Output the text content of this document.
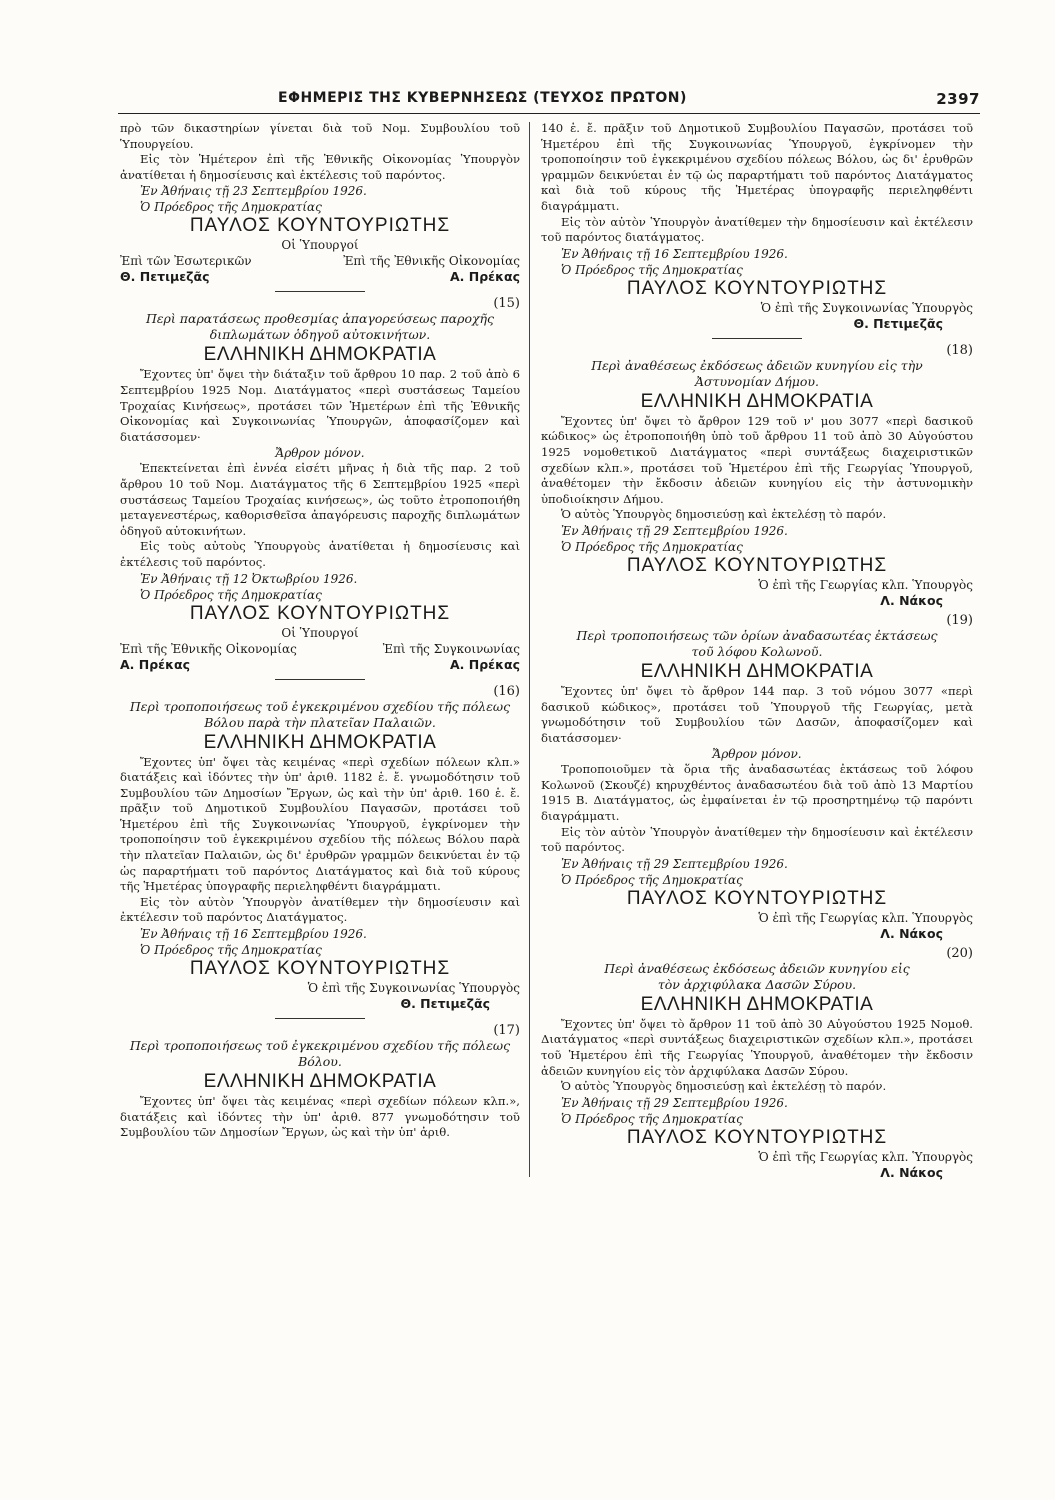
ΕΦΗΜΕΡΙΣ ΤΗΣ ΚΥΒΕΡΝΗΣΕΩΣ (ΤΕΥΧΟΣ ΠΡΩΤΟΝ)	2397

πρὸ τῶν δικαστηρίων γίνεται διὰ τοῦ Νομ. Συμβουλίου τοῦ Ὑπουργείου.

Εἰς τὸν Ἡμέτερον ἐπὶ τῆς Ἐθνικῆς Οἰκονομίας Ὑπουργὸν ἀνατίθεται ἡ δημοσίευσις καὶ ἐκτέλεσις τοῦ παρόντος.

Ἐν Ἀθήναις τῇ 23 Σεπτεμβρίου 1926.

Ὁ Πρόεδρος τῆς Δημοκρατίας

ΠΑΥΛΟΣ ΚΟΥΝΤΟΥΡΙΩΤΗΣ

Οἱ Ὑπουργοί

Ἐπὶ τῶν Ἐσωτερικῶν	Ἐπὶ τῆς Ἐθνικῆς Οἰκονομίας
Θ. Πετιμεζᾶς	Α. Πρέκας

(15)

Περὶ παρατάσεως προθεσμίας ἀπαγορεύσεως παροχῆς

διπλωμάτων ὁδηγοῦ αὐτοκινήτων.

ΕΛΛΗΝΙΚΗ ΔΗΜΟΚΡΑΤΙΑ

Ἔχοντες ὑπ' ὄψει τὴν διάταξιν τοῦ ἄρθρου 10 παρ. 2 τοῦ ἀπὸ 6 Σεπτεμβρίου 1925 Νομ. Διατάγματος «περὶ συστάσεως Ταμείου Τροχαίας Κινήσεως», προτάσει τῶν Ἡμετέρων ἐπὶ τῆς Ἐθνικῆς Οἰκονομίας καὶ Συγκοινωνίας Ὑπουργῶν, ἀποφασίζομεν καὶ διατάσσομεν·

Ἄρθρον μόνον.

Ἐπεκτείνεται ἐπὶ ἐννέα εἰσέτι μῆνας ἡ διὰ τῆς παρ. 2 τοῦ ἄρθρου 10 τοῦ Νομ. Διατάγματος τῆς 6 Σεπτεμβρίου 1925 «περὶ συστάσεως Ταμείου Τροχαίας κινήσεως», ὡς τοῦτο ἐτροποποιήθη μεταγενεστέρως, καθορισθεῖσα ἀπαγόρευσις παροχῆς διπλωμάτων ὁδηγοῦ αὐτοκινήτων.

Εἰς τοὺς αὐτοὺς Ὑπουργοὺς ἀνατίθεται ἡ δημοσίευσις καὶ ἐκτέλεσις τοῦ παρόντος.

Ἐν Ἀθήναις τῇ 12 Ὀκτωβρίου 1926.

Ὁ Πρόεδρος τῆς Δημοκρατίας

ΠΑΥΛΟΣ ΚΟΥΝΤΟΥΡΙΩΤΗΣ

Οἱ Ὑπουργοί

Ἐπὶ τῆς Ἐθνικῆς Οἰκονομίας	Ἐπὶ τῆς Συγκοινωνίας
Α. Πρέκας	Α. Πρέκας

(16)

Περὶ τροποποιήσεως τοῦ ἐγκεκριμένου σχεδίου τῆς πόλεως

Βόλου παρὰ τὴν πλατεῖαν Παλαιῶν.

ΕΛΛΗΝΙΚΗ ΔΗΜΟΚΡΑΤΙΑ

Ἔχοντες ὑπ' ὄψει τὰς κειμένας «περὶ σχεδίων πόλεων κλπ.» διατάξεις καὶ ἰδόντες τὴν ὑπ' ἀριθ. 1182 ἑ. ἔ. γνωμοδότησιν τοῦ Συμβουλίου τῶν Δημοσίων Ἔργων, ὡς καὶ τὴν ὑπ' ἀριθ. 160 ἑ. ἔ. πρᾶξιν τοῦ Δημοτικοῦ Συμβουλίου Παγασῶν, προτάσει τοῦ Ἡμετέρου ἐπὶ τῆς Συγκοινωνίας Ὑπουργοῦ, ἐγκρίνομεν τὴν τροποποίησιν τοῦ ἐγκεκριμένου σχεδίου τῆς πόλεως Βόλου παρὰ τὴν πλατεῖαν Παλαιῶν, ὡς δι' ἐρυθρῶν γραμμῶν δεικνύεται ἐν τῷ ὡς παραρτήματι τοῦ παρόντος Διατάγματος καὶ διὰ τοῦ κύρους τῆς Ἡμετέρας ὑπογραφῆς περιεληφθέντι διαγράμματι.

Εἰς τὸν αὐτὸν Ὑπουργὸν ἀνατίθεμεν τὴν δημοσίευσιν καὶ ἐκτέλεσιν τοῦ παρόντος Διατάγματος.

Ἐν Ἀθήναις τῇ 16 Σεπτεμβρίου 1926.

Ὁ Πρόεδρος τῆς Δημοκρατίας

ΠΑΥΛΟΣ ΚΟΥΝΤΟΥΡΙΩΤΗΣ

Ὁ ἐπὶ τῆς Συγκοινωνίας Ὑπουργὸς

Θ. Πετιμεζᾶς

(17)

Περὶ τροποποιήσεως τοῦ ἐγκεκριμένου σχεδίου τῆς πόλεως

Βόλου.

ΕΛΛΗΝΙΚΗ ΔΗΜΟΚΡΑΤΙΑ

Ἔχοντες ὑπ' ὄψει τὰς κειμένας «περὶ σχεδίων πόλεων κλπ.», διατάξεις καὶ ἰδόντες τὴν ὑπ' ἀριθ. 877 γνωμοδότησιν τοῦ Συμβουλίου τῶν Δημοσίων Ἔργων, ὡς καὶ τὴν ὑπ' ἀριθ.

140 ἑ. ἔ. πρᾶξιν τοῦ Δημοτικοῦ Συμβουλίου Παγασῶν, προτάσει τοῦ Ἡμετέρου ἐπὶ τῆς Συγκοινωνίας Ὑπουργοῦ, ἐγκρίνομεν τὴν τροποποίησιν τοῦ ἐγκεκριμένου σχεδίου πόλεως Βόλου, ὡς δι' ἐρυθρῶν γραμμῶν δεικνύεται ἐν τῷ ὡς παραρτήματι τοῦ παρόντος Διατάγματος καὶ διὰ τοῦ κύρους τῆς Ἡμετέρας ὑπογραφῆς περιεληφθέντι διαγράμματι.

Εἰς τὸν αὐτὸν Ὑπουργὸν ἀνατίθεμεν τὴν δημοσίευσιν καὶ ἐκτέλεσιν τοῦ παρόντος διατάγματος.

Ἐν Ἀθήναις τῇ 16 Σεπτεμβρίου 1926.

Ὁ Πρόεδρος τῆς Δημοκρατίας

ΠΑΥΛΟΣ ΚΟΥΝΤΟΥΡΙΩΤΗΣ

Ὁ ἐπὶ τῆς Συγκοινωνίας Ὑπουργὸς

Θ. Πετιμεζᾶς

(18)

Περὶ ἀναθέσεως ἐκδόσεως ἀδειῶν κυνηγίου εἰς τὴν

Ἀστυνομίαν Δήμου.

ΕΛΛΗΝΙΚΗ ΔΗΜΟΚΡΑΤΙΑ

Ἔχοντες ὑπ' ὄψει τὸ ἄρθρον 129 τοῦ ν' μου 3077 «περὶ δασικοῦ κώδικος» ὡς ἐτροποποιήθη ὑπὸ τοῦ ἄρθρου 11 τοῦ ἀπὸ 30 Αὐγούστου 1925 νομοθετικοῦ Διατάγματος «περὶ συντάξεως διαχειριστικῶν σχεδίων κλπ.», προτάσει τοῦ Ἡμετέρου ἐπὶ τῆς Γεωργίας Ὑπουργοῦ, ἀναθέτομεν τὴν ἔκδοσιν ἀδειῶν κυνηγίου εἰς τὴν ἀστυνομικὴν ὑποδιοίκησιν Δήμου.

Ὁ αὐτὸς Ὑπουργὸς δημοσιεύσῃ καὶ ἐκτελέσῃ τὸ παρόν.

Ἐν Ἀθήναις τῇ 29 Σεπτεμβρίου 1926.

Ὁ Πρόεδρος τῆς Δημοκρατίας

ΠΑΥΛΟΣ ΚΟΥΝΤΟΥΡΙΩΤΗΣ

Ὁ ἐπὶ τῆς Γεωργίας κλπ. Ὑπουργὸς

Λ. Νάκος

(19)

Περὶ τροποποιήσεως τῶν ὁρίων ἀναδασωτέας ἐκτάσεως

τοῦ λόφου Κολωνοῦ.

ΕΛΛΗΝΙΚΗ ΔΗΜΟΚΡΑΤΙΑ

Ἔχοντες ὑπ' ὄψει τὸ ἄρθρον 144 παρ. 3 τοῦ νόμου 3077 «περὶ δασικοῦ κώδικος», προτάσει τοῦ Ὑπουργοῦ τῆς Γεωργίας, μετὰ γνωμοδότησιν τοῦ Συμβουλίου τῶν Δασῶν, ἀποφασίζομεν καὶ διατάσσομεν·

Ἄρθρον μόνον.

Τροποποιοῦμεν τὰ ὅρια τῆς ἀναδασωτέας ἐκτάσεως τοῦ λόφου Κολωνοῦ (Σκουζέ) κηρυχθέντος ἀναδασωτέου διὰ τοῦ ἀπὸ 13 Μαρτίου 1915 Β. Διατάγματος, ὡς ἐμφαίνεται ἐν τῷ προσηρτημένῳ τῷ παρόντι διαγράμματι.

Εἰς τὸν αὐτὸν Ὑπουργὸν ἀνατίθεμεν τὴν δημοσίευσιν καὶ ἐκτέλεσιν τοῦ παρόντος.

Ἐν Ἀθήναις τῇ 29 Σεπτεμβρίου 1926.

Ὁ Πρόεδρος τῆς Δημοκρατίας

ΠΑΥΛΟΣ ΚΟΥΝΤΟΥΡΙΩΤΗΣ

Ὁ ἐπὶ τῆς Γεωργίας κλπ. Ὑπουργὸς

Λ. Νάκος

(20)

Περὶ ἀναθέσεως ἐκδόσεως ἀδειῶν κυνηγίου εἰς

τὸν ἀρχιφύλακα Δασῶν Σύρου.

ΕΛΛΗΝΙΚΗ ΔΗΜΟΚΡΑΤΙΑ

Ἔχοντες ὑπ' ὄψει τὸ ἄρθρον 11 τοῦ ἀπὸ 30 Αὐγούστου 1925 Νομοθ. Διατάγματος «περὶ συντάξεως διαχειριστικῶν σχεδίων κλπ.», προτάσει τοῦ Ἡμετέρου ἐπὶ τῆς Γεωργίας Ὑπουργοῦ, ἀναθέτομεν τὴν ἔκδοσιν ἀδειῶν κυνηγίου εἰς τὸν ἀρχιφύλακα Δασῶν Σύρου.

Ὁ αὐτὸς Ὑπουργὸς δημοσιεύσῃ καὶ ἐκτελέσῃ τὸ παρόν.

Ἐν Ἀθήναις τῇ 29 Σεπτεμβρίου 1926.

Ὁ Πρόεδρος τῆς Δημοκρατίας

ΠΑΥΛΟΣ ΚΟΥΝΤΟΥΡΙΩΤΗΣ

Ὁ ἐπὶ τῆς Γεωργίας κλπ. Ὑπουργὸς

Λ. Νάκος
